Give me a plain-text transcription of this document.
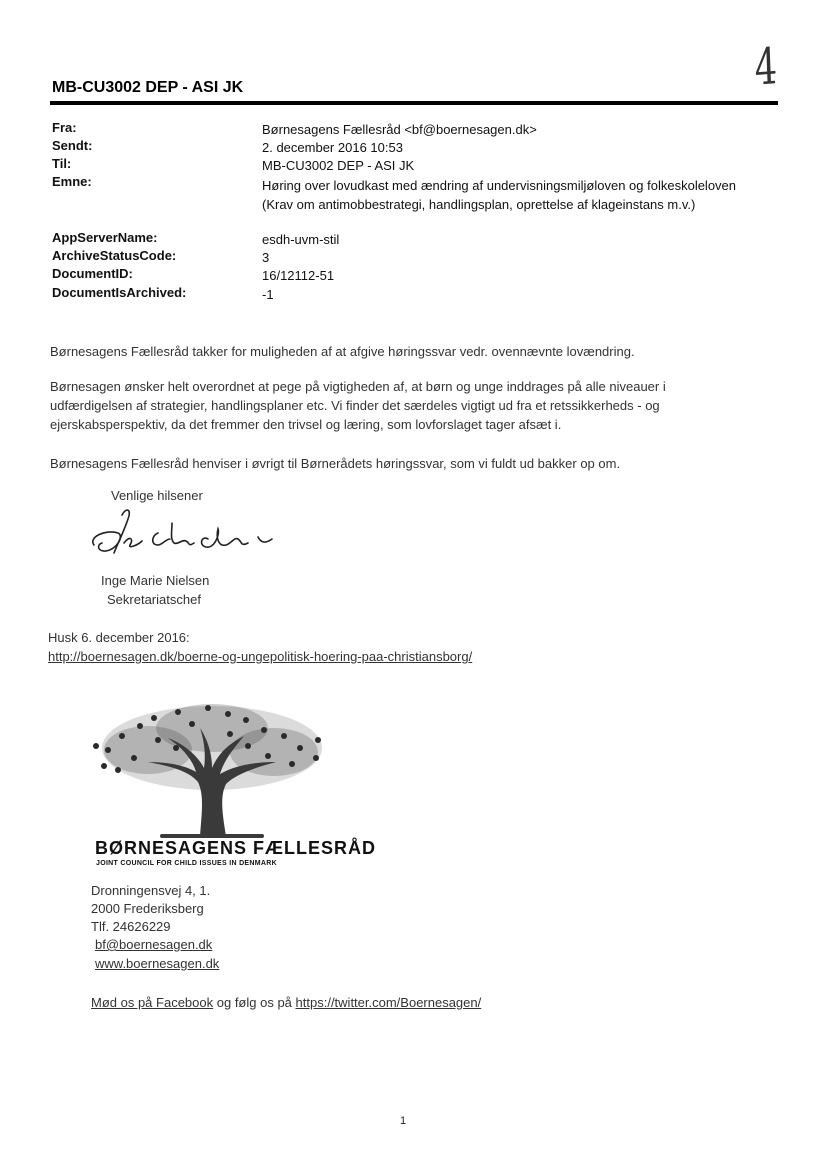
4
MB-CU3002 DEP - ASI JK
Fra:	Børnesagens Fællesråd <bf@boernesagen.dk>
Sendt:	2. december 2016 10:53
Til:	MB-CU3002 DEP - ASI JK
Emne:	Høring over lovudkast med ændring af undervisningsmiljøloven og folkeskoleloven
(Krav om antimobbestrategi, handlingsplan, oprettelse af klageinstans m.v.)
AppServerName:	esdh-uvm-stil
ArchiveStatusCode:	3
DocumentID:	16/12112-51
DocumentIsArchived:	-1
Børnesagens Fællesråd takker for muligheden af at afgive høringssvar vedr. ovennævnte lovændring.
Børnesagen ønsker helt overordnet at pege på vigtigheden af, at børn og unge inddrages på alle niveauer i
udfærdigelsen af strategier, handlingsplaner etc. Vi finder det særdeles vigtigt ud fra et retssikkerheds - og
ejerskabsperspektiv, da det fremmer den trivsel og læring, som lovforslaget tager afsæt i.
Børnesagens Fællesråd henviser i øvrigt til Børnerådets høringssvar, som vi fuldt ud bakker op om.
Venlige hilsener
Inge Marie Nielsen
Sekretariatschef
Husk 6. december 2016:
http://boernesagen.dk/boerne-og-ungepolitisk-hoering-paa-christiansborg/
BØRNESAGENS FÆLLESRÅD
JOINT COUNCIL FOR CHILD ISSUES IN DENMARK
Dronningensvej 4, 1.
2000 Frederiksberg
Tlf. 24626229
bf@boernesagen.dk
www.boernesagen.dk
Mød os på Facebook og følg os på https://twitter.com/Boernesagen/
1
